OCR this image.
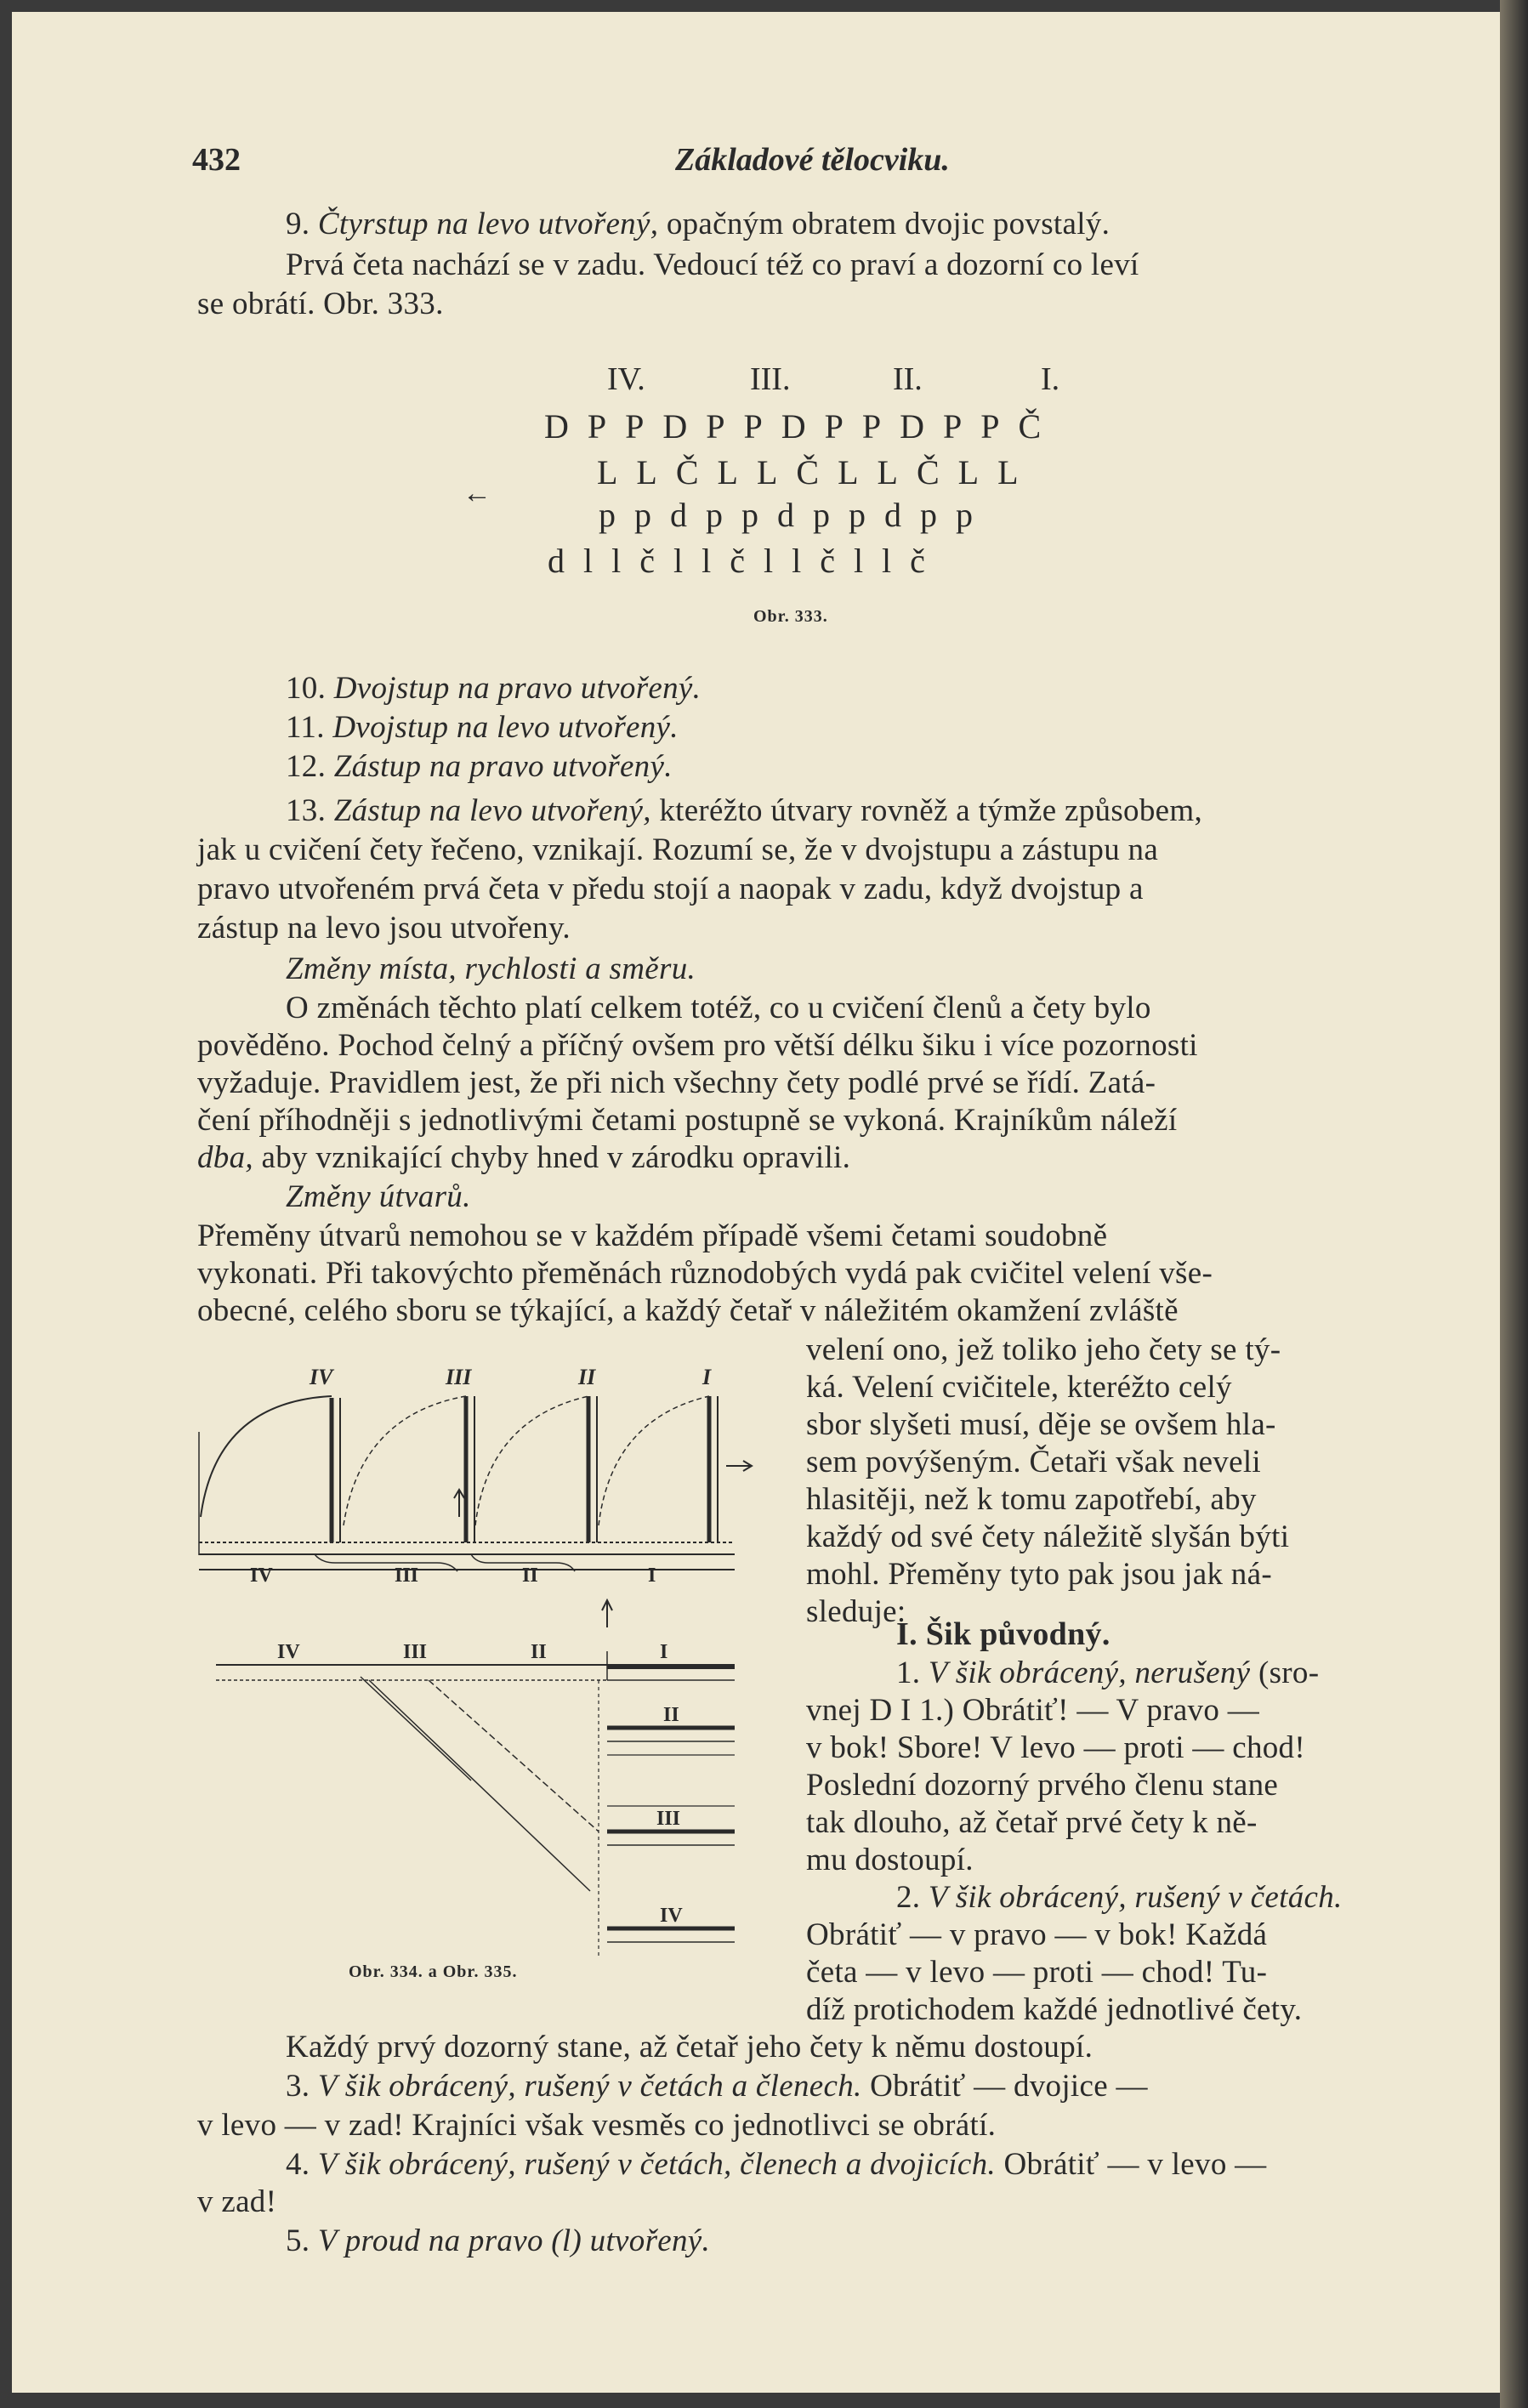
432	Základové tělocviku.
9. Čtyrstup na levo utvořený, opačným obratem dvojic povstalý.
Prvá četa nachází se v zadu. Vedoucí též co praví a dozorní co leví
se obrátí. Obr. 333.
IV.	III.	II.	I.
DPPDPPDPPDPPČ
LLČLLČLLČLL
←
ppdppdppdpp
dllčllčllčllč
Obr. 333.
10. Dvojstup na pravo utvořený.
11. Dvojstup na levo utvořený.
12. Zástup na pravo utvořený.
13. Zástup na levo utvořený, kteréžto útvary rovněž a týmže způsobem,
jak u cvičení čety řečeno, vznikají. Rozumí se, že v dvojstupu a zástupu na
pravo utvořeném prvá četa v předu stojí a naopak v zadu, když dvojstup a
zástup na levo jsou utvořeny.
Změny místa, rychlosti a směru.
O změnách těchto platí celkem totéž, co u cvičení členů a čety bylo
pověděno. Pochod čelný a příčný ovšem pro větší délku šiku i více pozornosti
vyžaduje. Pravidlem jest, že při nich všechny čety podlé prvé se řídí. Zatá-
čení příhodněji s jednotlivými četami postupně se vykoná. Krajníkům náleží
dba, aby vznikající chyby hned v zárodku opravili.
Změny útvarů.
Přeměny útvarů nemohou se v každém případě všemi četami soudobně
vykonati. Při takovýchto přeměnách různodobých vydá pak cvičitel velení vše-
obecné, celého sboru se týkající, a každý četař v náležitém okamžení zvláště
velení ono, jež toliko jeho čety se tý-
ká. Velení cvičitele, kteréžto celý
sbor slyšeti musí, děje se ovšem hla-
sem povýšeným. Četaři však neveli
hlasitěji, než k tomu zapotřebí, aby
každý od své čety náležitě slyšán býti
mohl. Přeměny tyto pak jsou jak ná-
sleduje:
I. Šik původný.
1. V šik obrácený, nerušený (sro-
vnej D I 1.) Obrátiť! — V pravo —
v bok! Sbore! V levo — proti — chod!
Poslední dozorný prvého členu stane
tak dlouho, až četař prvé čety k ně-
mu dostoupí.
2. V šik obrácený, rušený v četách.
Obrátiť — v pravo — v bok! Každá
četa — v levo — proti — chod! Tu-
díž protichodem každé jednotlivé čety.
IV	III	II	I
IV	III	II	I
IV	III	II	I
II
III
IV
Obr. 334. a Obr. 335.
Každý prvý dozorný stane, až četař jeho čety k němu dostoupí.
3. V šik obrácený, rušený v četách a členech. Obrátiť — dvojice —
v levo — v zad! Krajníci však vesměs co jednotlivci se obrátí.
4. V šik obrácený, rušený v četách, členech a dvojicích. Obrátiť — v levo —
v zad!
5. V proud na pravo (l) utvořený.
